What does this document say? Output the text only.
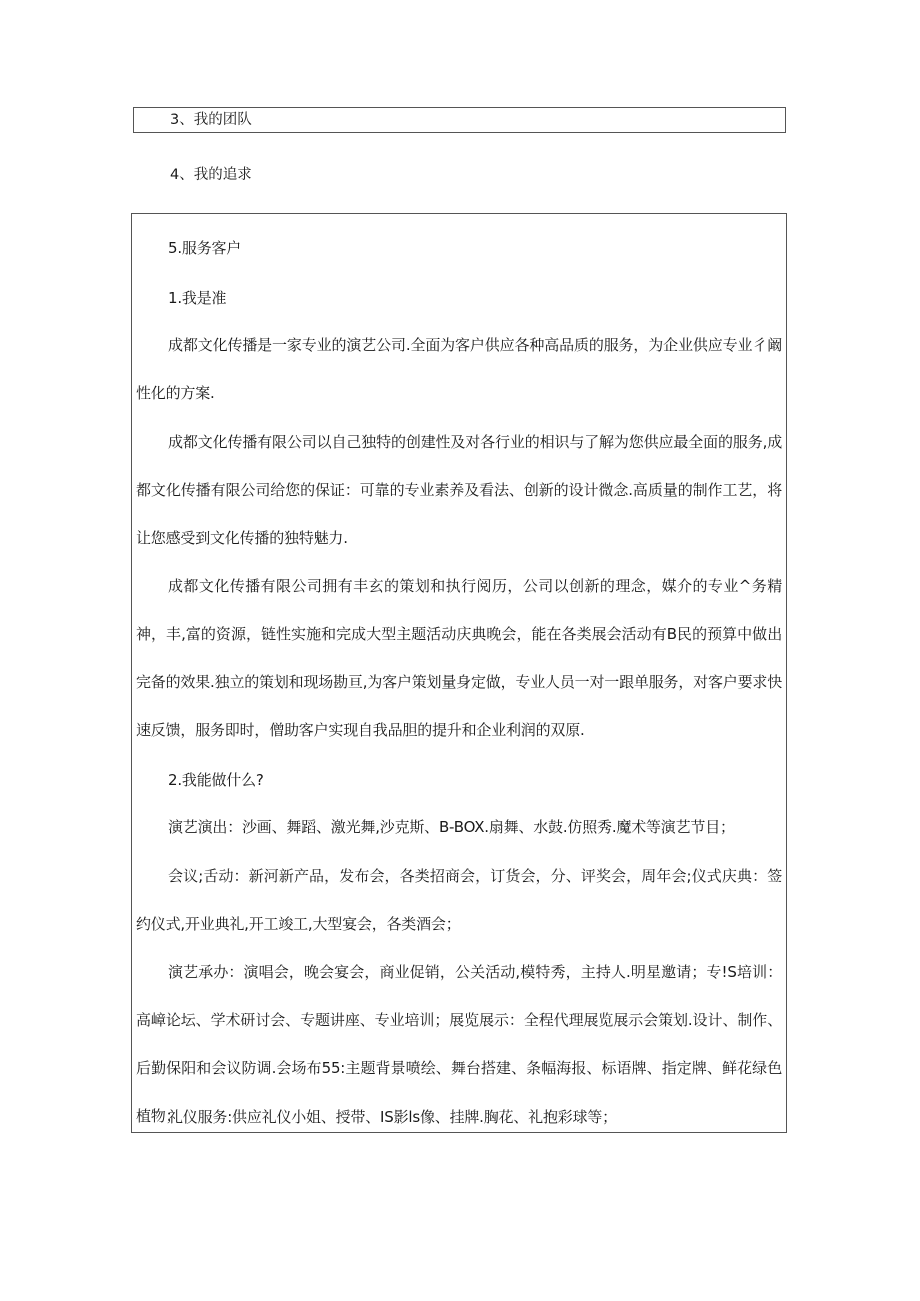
3、我的团队
4、我的追求

5.服务客户

1.我是准

成都文化传播是一家专业的演艺公司.全面为客户供应各种高品质的服务，为企业供应专业彳阚性化的方案.

成都文化传播有限公司以自己独特的创建性及对各行业的相识与了解为您供应最全面的服务,成都文化传播有限公司给您的保证：可靠的专业素养及看法、创新的设计微念.高质量的制作工艺，将让您感受到文化传播的独特魅力.

成都文化传播有限公司拥有丰玄的策划和执行阅历，公司以创新的理念，媒介的专业^务精神，丰,富的资源，链性实施和完成大型主题活动庆典晚会，能在各类展会活动有B民的预算中做出完备的效果.独立的策划和现场勘亘,为客户策划量身定做，专业人员一对一跟单服务，对客户要求快速反馈，服务即时，僧助客户实现自我品胆的提升和企业利润的双原.

2.我能做什么?

演艺演出：沙画、舞蹈、激光舞,沙克斯、B-BOX.扇舞、水鼓.仿照秀.魔术等演艺节目；

会议;舌动：新河新产品，发布会，各类招商会，订货会，分、评奖会，周年会;仪式庆典：签约仪式,开业典礼,开工竣工,大型宴会，各类酒会；

演艺承办：演唱会，晚会宴会，商业促销，公关活动,模特秀，主持人.明星邀请；专!S培训：高嶂论坛、学术研讨会、专题讲座、专业培训；展览展示：全程代理展览展示会策划.设计、制作、后勤保阳和会议防调.会场布55:主题背景喷绘、舞台搭建、条幅海报、标语牌、指定牌、鲜花绿色植物；

礼仪服务:供应礼仪小姐、授带、IS影ls像、挂牌.胸花、礼抱彩球等；
